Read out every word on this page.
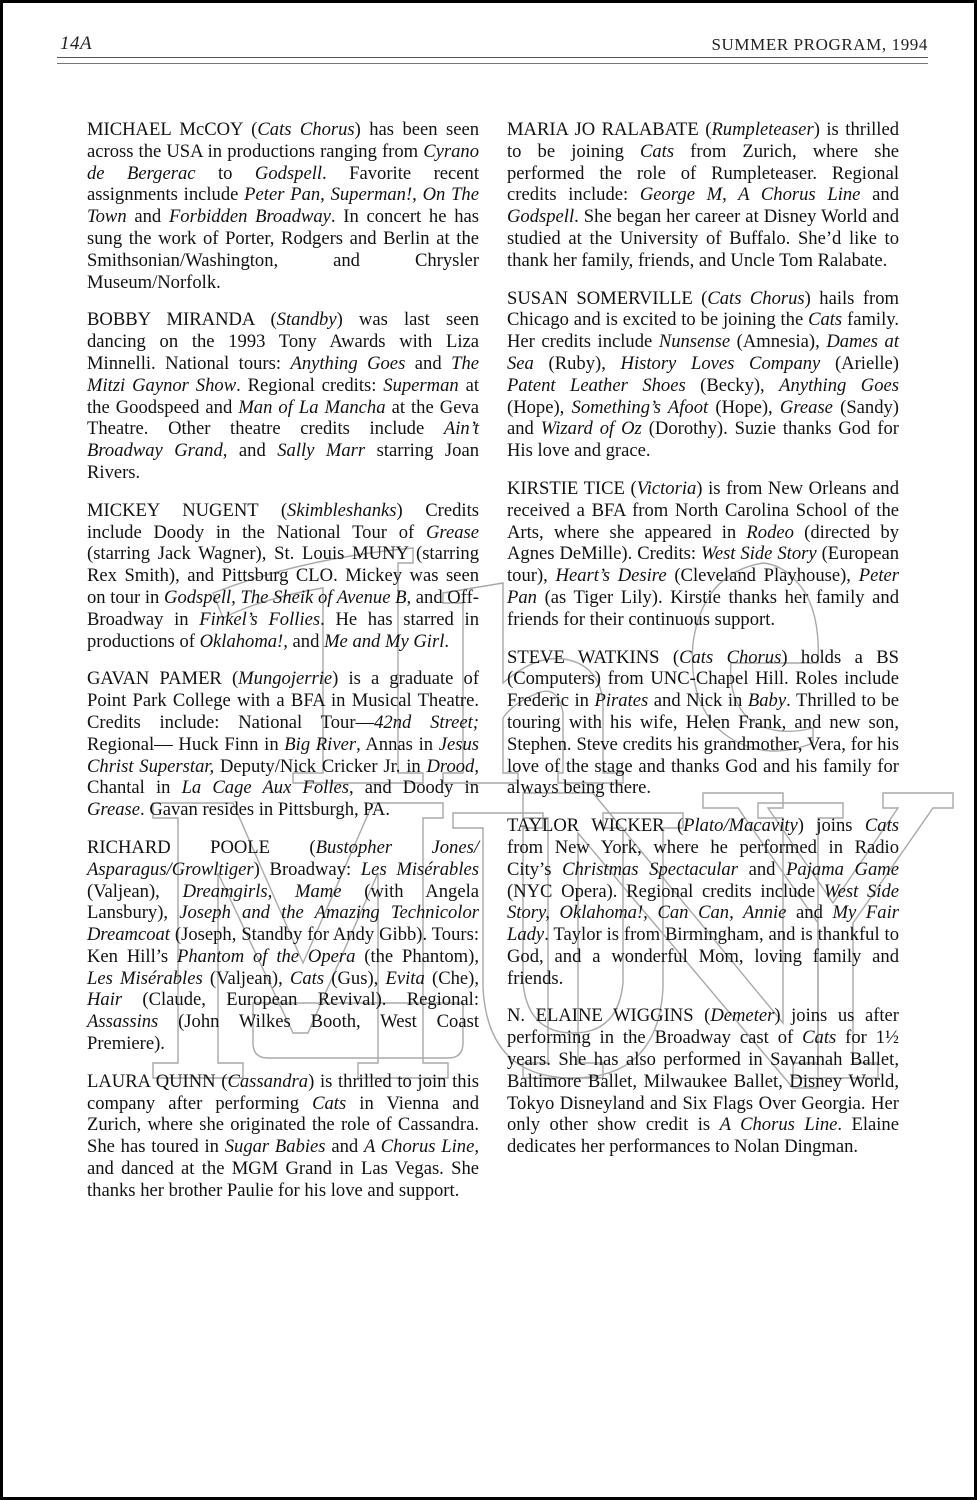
14A	SUMMER PROGRAM, 1994

MICHAEL McCOY (Cats Chorus) has been seen across the USA in productions ranging from Cyrano de Bergerac to Godspell. Favorite recent assignments include Peter Pan, Superman!, On The Town and Forbidden Broadway. In concert he has sung the work of Porter, Rodgers and Berlin at the Smithsonian/Washington, and Chrysler Museum/Norfolk.

BOBBY MIRANDA (Standby) was last seen dancing on the 1993 Tony Awards with Liza Minnelli. National tours: Anything Goes and The Mitzi Gaynor Show. Regional credits: Superman at the Goodspeed and Man of La Mancha at the Geva Theatre. Other theatre credits include Ain’t Broadway Grand, and Sally Marr starring Joan Rivers.

MICKEY NUGENT (Skimbleshanks) Credits include Doody in the National Tour of Grease (starring Jack Wagner), St. Louis MUNY (starring Rex Smith), and Pittsburg CLO. Mickey was seen on tour in Godspell, The Sheik of Avenue B, and Off-Broadway in Finkel’s Follies. He has starred in productions of Oklahoma!, and Me and My Girl.

GAVAN PAMER (Mungojerrie) is a graduate of Point Park College with a BFA in Musical Theatre. Credits include: National Tour—42nd Street; Regional— Huck Finn in Big River, Annas in Jesus Christ Superstar, Deputy/Nick Cricker Jr. in Drood, Chantal in La Cage Aux Folles, and Doody in Grease. Gavan resides in Pittsburgh, PA.

RICHARD POOLE (Bustopher Jones/ Asparagus/Growltiger) Broadway: Les Misérables (Valjean), Dreamgirls, Mame (with Angela Lansbury), Joseph and the Amazing Technicolor Dreamcoat (Joseph, Standby for Andy Gibb). Tours: Ken Hill’s Phantom of the Opera (the Phantom), Les Misérables (Valjean), Cats (Gus), Evita (Che), Hair (Claude, European Revival). Regional: Assassins (John Wilkes Booth, West Coast Premiere).

LAURA QUINN (Cassandra) is thrilled to join this company after performing Cats in Vienna and Zurich, where she originated the role of Cassandra. She has toured in Sugar Babies and A Chorus Line, and danced at the MGM Grand in Las Vegas. She thanks her brother Paulie for his love and support.

MARIA JO RALABATE (Rumpleteaser) is thrilled to be joining Cats from Zurich, where she performed the role of Rumpleteaser. Regional credits include: George M, A Chorus Line and Godspell. She began her career at Disney World and studied at the University of Buffalo. She’d like to thank her family, friends, and Uncle Tom Ralabate.

SUSAN SOMERVILLE (Cats Chorus) hails from Chicago and is excited to be joining the Cats family. Her credits include Nunsense (Amnesia), Dames at Sea (Ruby), History Loves Company (Arielle) Patent Leather Shoes (Becky), Anything Goes (Hope), Something’s Afoot (Hope), Grease (Sandy) and Wizard of Oz (Dorothy). Suzie thanks God for His love and grace.

KIRSTIE TICE (Victoria) is from New Orleans and received a BFA from North Carolina School of the Arts, where she appeared in Rodeo (directed by Agnes DeMille). Credits: West Side Story (European tour), Heart’s Desire (Cleveland Playhouse), Peter Pan (as Tiger Lily). Kirstie thanks her family and friends for their continuous support.

STEVE WATKINS (Cats Chorus) holds a BS (Computers) from UNC-Chapel Hill. Roles include Frederic in Pirates and Nick in Baby. Thrilled to be touring with his wife, Helen Frank, and new son, Stephen. Steve credits his grandmother, Vera, for his love of the stage and thanks God and his family for always being there.

TAYLOR WICKER (Plato/Macavity) joins Cats from New York, where he performed in Radio City’s Christmas Spectacular and Pajama Game (NYC Opera). Regional credits include West Side Story, Oklahoma!, Can Can, Annie and My Fair Lady. Taylor is from Birmingham, and is thankful to God, and a wonderful Mom, loving family and friends.

N. ELAINE WIGGINS (Demeter) joins us after performing in the Broadway cast of Cats for 1½ years. She has also performed in Savannah Ballet, Baltimore Ballet, Milwaukee Ballet, Disney World, Tokyo Disneyland and Six Flags Over Georgia. Her only other show credit is A Chorus Line. Elaine dedicates her performances to Nolan Dingman.
